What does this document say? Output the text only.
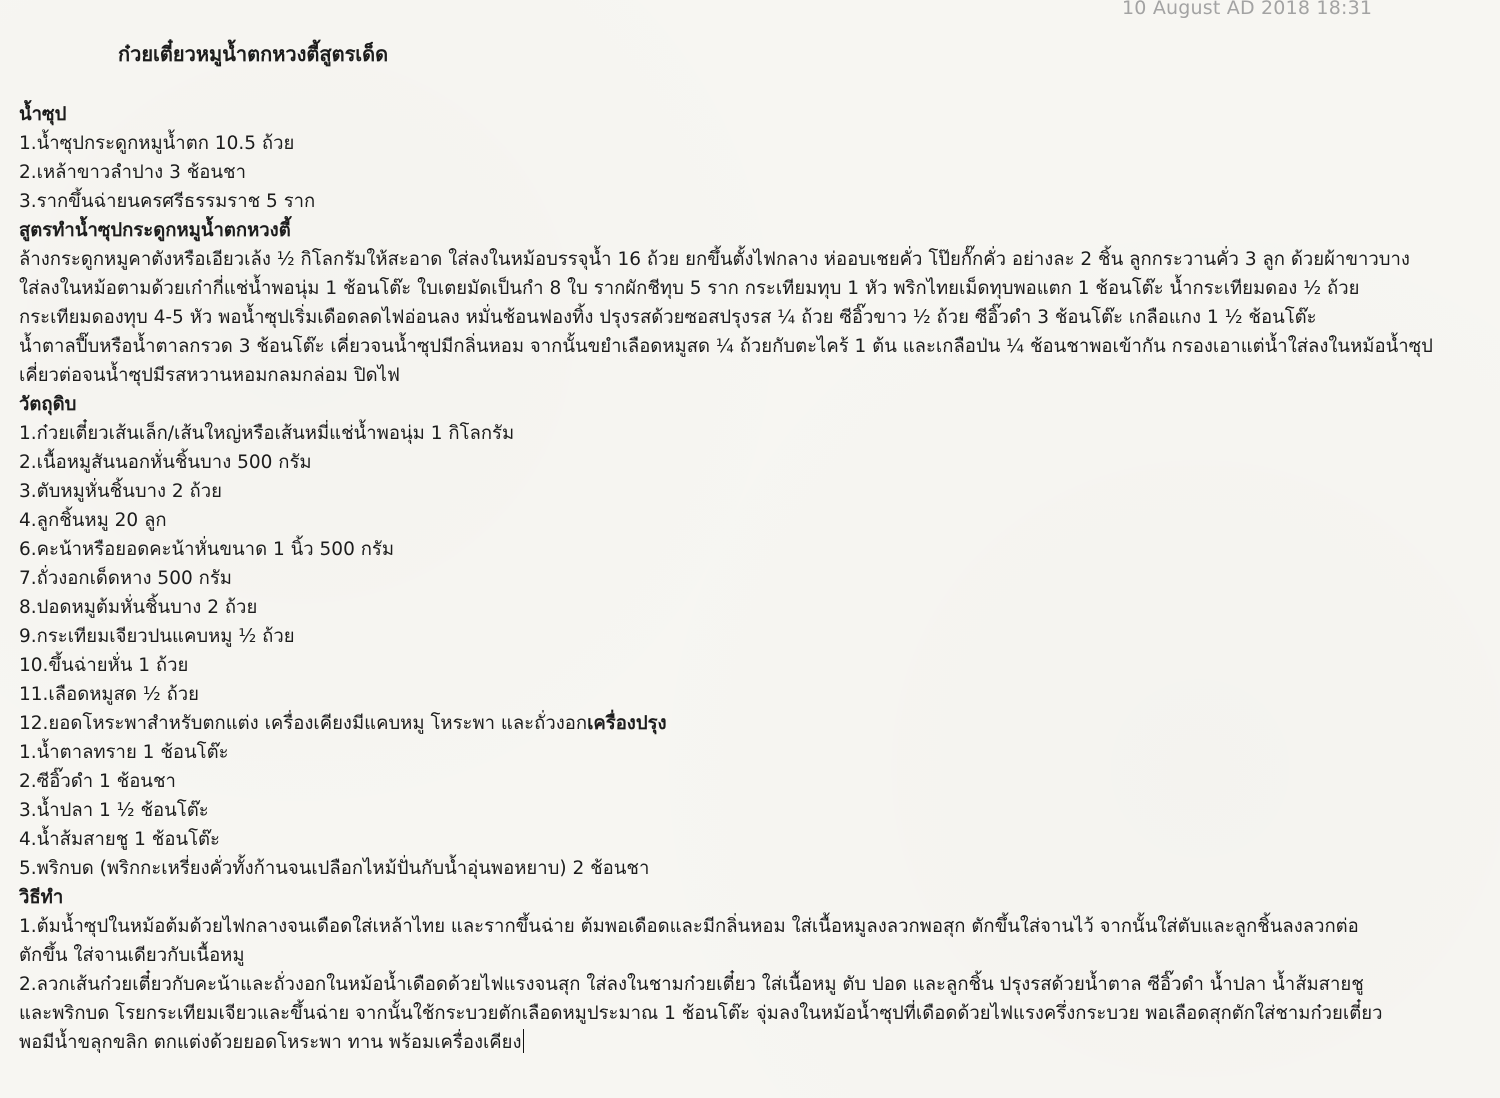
10 August AD 2018 18:31
ก๋วยเตี๋ยวหมูน้ำตกหวงตี้สูตรเด็ด
น้ำซุป
1.น้ำซุปกระดูกหมูน้ำตก 10.5 ถ้วย
2.เหล้าขาวลำปาง 3 ช้อนชา
3.รากขึ้นฉ่ายนครศรีธรรมราช 5 ราก
สูตรทำน้ำซุปกระดูกหมูน้ำตกหวงตี้
ล้างกระดูกหมูคาตังหรือเอียวเล้ง ½ กิโลกรัมให้สะอาด ใส่ลงในหม้อบรรจุน้ำ 16 ถ้วย ยกขึ้นตั้งไฟกลาง ห่ออบเชยคั่ว โป๊ยกั๊กคั่ว อย่างละ 2 ชิ้น ลูกกระวานคั่ว 3 ลูก ด้วยผ้าขาวบาง
ใส่ลงในหม้อตามด้วยเก๋ากี่แช่น้ำพอนุ่ม 1 ช้อนโต๊ะ ใบเตยมัดเป็นกำ 8 ใบ รากผักชีทุบ 5 ราก กระเทียมทุบ 1 หัว พริกไทยเม็ดทุบพอแตก 1 ช้อนโต๊ะ น้ำกระเทียมดอง ½ ถ้วย
กระเทียมดองทุบ 4-5 หัว พอน้ำซุปเริ่มเดือดลดไฟอ่อนลง หมั่นช้อนฟองทิ้ง ปรุงรสด้วยซอสปรุงรส ¼ ถ้วย ซีอิ๊วขาว ½ ถ้วย ซีอิ๊วดำ 3 ช้อนโต๊ะ เกลือแกง 1 ½ ช้อนโต๊ะ
น้ำตาลปี๊บหรือน้ำตาลกรวด 3 ช้อนโต๊ะ เคี่ยวจนน้ำซุปมีกลิ่นหอม จากนั้นขยำเลือดหมูสด ¼ ถ้วยกับตะไคร้ 1 ต้น และเกลือป่น ¼ ช้อนชาพอเข้ากัน กรองเอาแต่น้ำใส่ลงในหม้อน้ำซุป
เคี่ยวต่อจนน้ำซุปมีรสหวานหอมกลมกล่อม ปิดไฟ
วัตถุดิบ
1.ก๋วยเตี๋ยวเส้นเล็ก/เส้นใหญ่หรือเส้นหมี่แช่น้ำพอนุ่ม 1 กิโลกรัม
2.เนื้อหมูสันนอกหั่นชิ้นบาง 500 กรัม
3.ตับหมูหั่นชิ้นบาง 2 ถ้วย
4.ลูกชิ้นหมู 20 ลูก
6.คะน้าหรือยอดคะน้าหั่นขนาด 1 นิ้ว 500 กรัม
7.ถั่วงอกเด็ดหาง 500 กรัม
8.ปอดหมูต้มหั่นชิ้นบาง 2 ถ้วย
9.กระเทียมเจียวปนแคบหมู ½ ถ้วย
10.ขึ้นฉ่ายหั่น 1 ถ้วย
11.เลือดหมูสด ½ ถ้วย
12.ยอดโหระพาสำหรับตกแต่ง เครื่องเคียงมีแคบหมู โหระพา และถั่วงอกเครื่องปรุง
1.น้ำตาลทราย 1 ช้อนโต๊ะ
2.ซีอิ๊วดำ 1 ช้อนชา
3.น้ำปลา 1 ½ ช้อนโต๊ะ
4.น้ำส้มสายชู 1 ช้อนโต๊ะ
5.พริกบด (พริกกะเหรี่ยงคั่วทั้งก้านจนเปลือกไหม้ปั่นกับน้ำอุ่นพอหยาบ) 2 ช้อนชา
วิธีทำ
1.ต้มน้ำซุปในหม้อต้มด้วยไฟกลางจนเดือดใส่เหล้าไทย และรากขึ้นฉ่าย ต้มพอเดือดและมีกลิ่นหอม ใส่เนื้อหมูลงลวกพอสุก ตักขึ้นใส่จานไว้ จากนั้นใส่ตับและลูกชิ้นลงลวกต่อ
ตักขึ้น ใส่จานเดียวกับเนื้อหมู
2.ลวกเส้นก๋วยเตี๋ยวกับคะน้าและถั่วงอกในหม้อน้ำเดือดด้วยไฟแรงจนสุก ใส่ลงในชามก๋วยเตี๋ยว ใส่เนื้อหมู ตับ ปอด และลูกชิ้น ปรุงรสด้วยน้ำตาล ซีอิ๊วดำ น้ำปลา น้ำส้มสายชู
และพริกบด โรยกระเทียมเจียวและขึ้นฉ่าย จากนั้นใช้กระบวยตักเลือดหมูประมาณ 1 ช้อนโต๊ะ จุ่มลงในหม้อน้ำซุปที่เดือดด้วยไฟแรงครึ่งกระบวย พอเลือดสุกตักใส่ชามก๋วยเตี๋ยว
พอมีน้ำขลุกขลิก ตกแต่งด้วยยอดโหระพา ทาน พร้อมเครื่องเคียง
